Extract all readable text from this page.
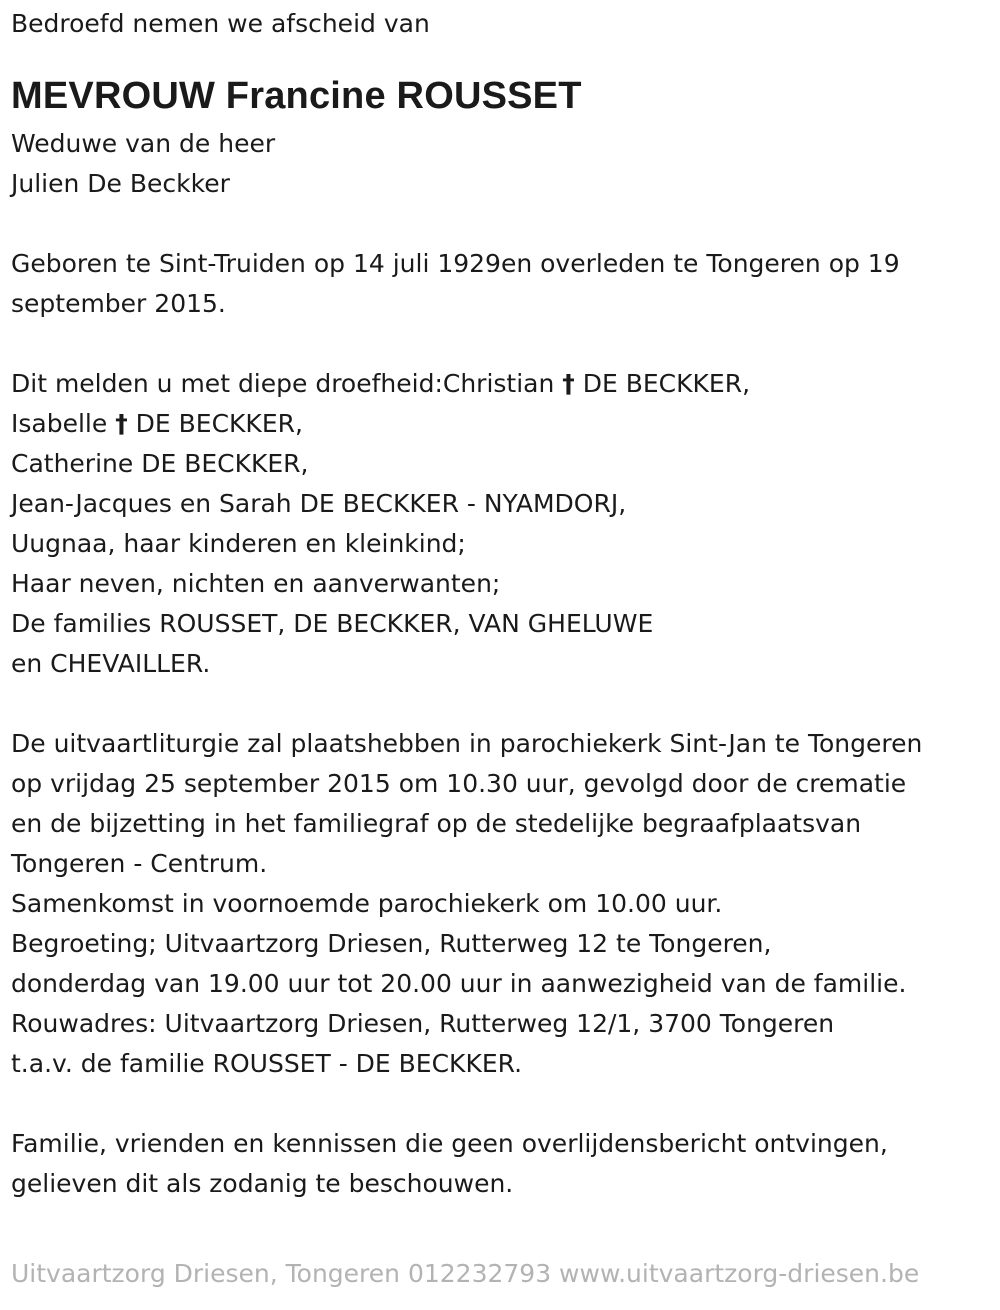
Bedroefd nemen we afscheid van
MEVROUW Francine ROUSSET
Weduwe van de heer
Julien De Beckker
Geboren te Sint-Truiden op 14 juli 1929en overleden te Tongeren op 19
september 2015.
Dit melden u met diepe droefheid:Christian † DE BECKKER,
Isabelle † DE BECKKER,
Catherine DE BECKKER,
Jean-Jacques en Sarah DE BECKKER - NYAMDORJ,
Uugnaa, haar kinderen en kleinkind;
Haar neven, nichten en aanverwanten;
De families ROUSSET, DE BECKKER, VAN GHELUWE
en CHEVAILLER.
De uitvaartliturgie zal plaatshebben in parochiekerk Sint-Jan te Tongeren
op vrijdag 25 september 2015 om 10.30 uur, gevolgd door de crematie
en de bijzetting in het familiegraf op de stedelijke begraafplaatsvan
Tongeren - Centrum.
Samenkomst in voornoemde parochiekerk om 10.00 uur.
Begroeting; Uitvaartzorg Driesen, Rutterweg 12 te Tongeren,
donderdag van 19.00 uur tot 20.00 uur in aanwezigheid van de familie.
Rouwadres: Uitvaartzorg Driesen, Rutterweg 12/1, 3700 Tongeren
t.a.v. de familie ROUSSET - DE BECKKER.
Familie, vrienden en kennissen die geen overlijdensbericht ontvingen,
gelieven dit als zodanig te beschouwen.
Uitvaartzorg Driesen, Tongeren 012232793 www.uitvaartzorg-driesen.be
